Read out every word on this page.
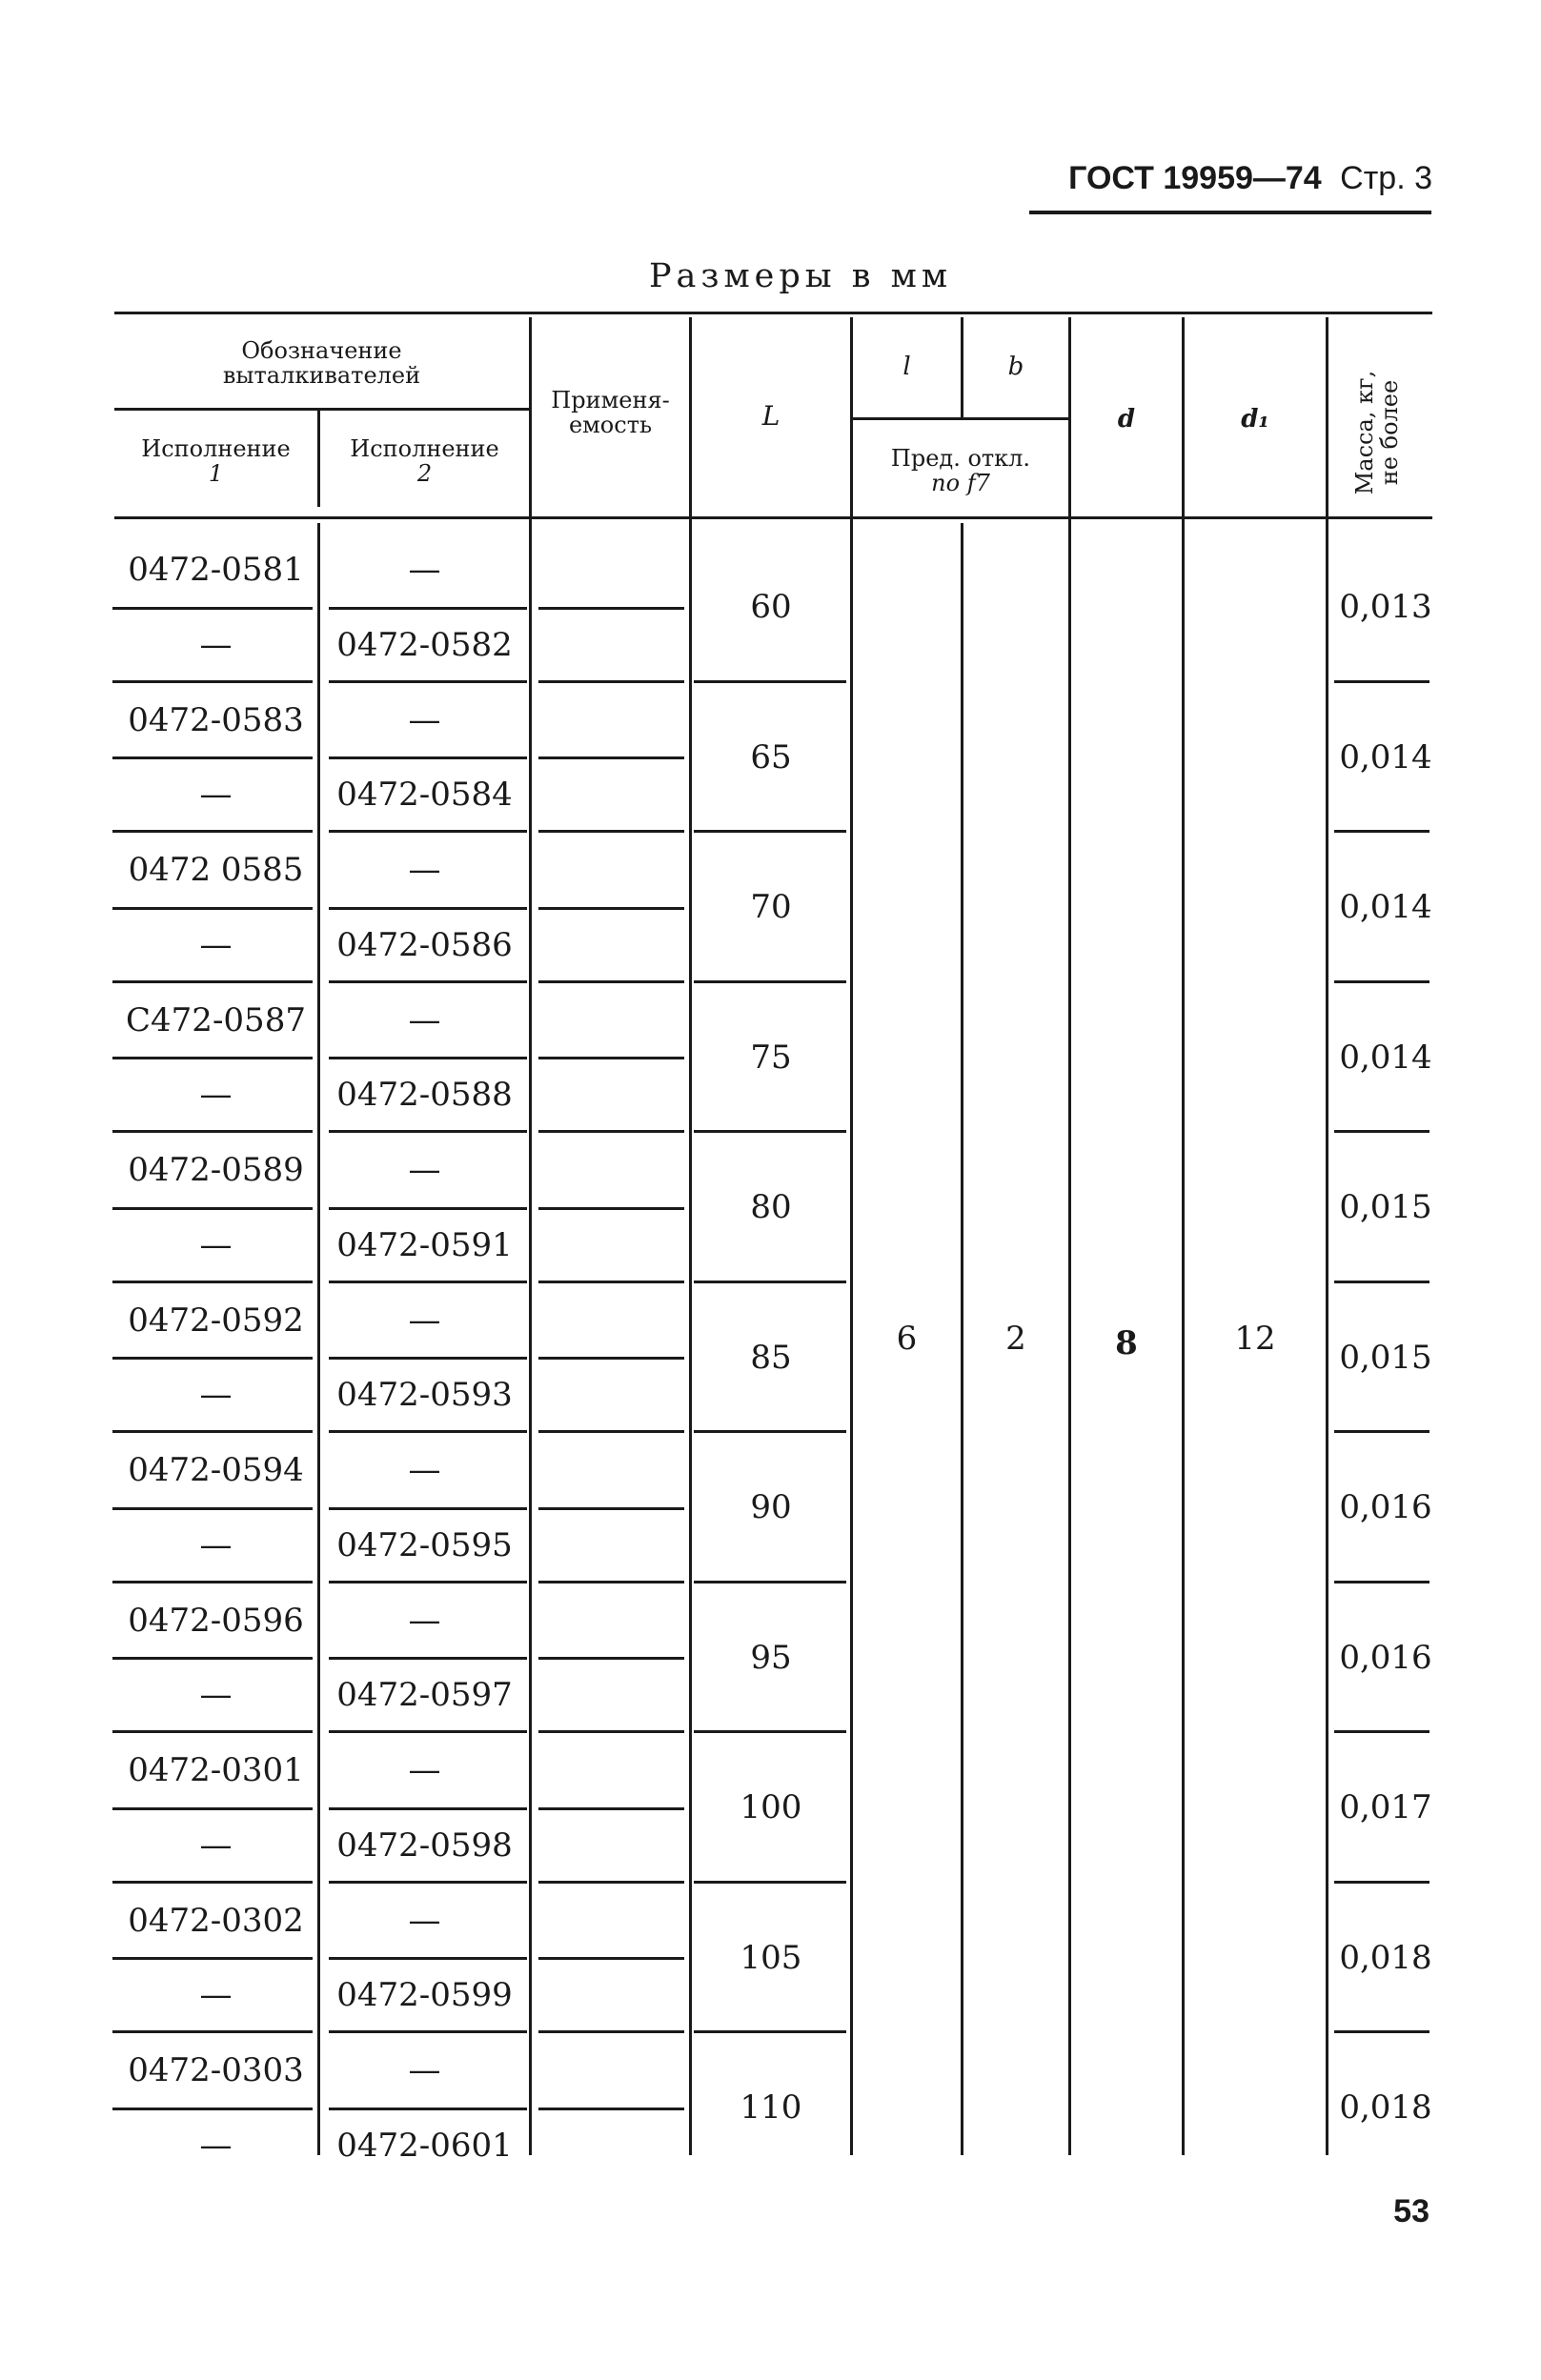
ГОСТ 19959—74 Стр. 3
Размеры в мм
Обозначение
выталкивателей
Исполнение
1
Исполнение
2
Применя-
емость	L
l	b
Пред. откл.
по f7
d	d₁	Масса, кг,
не более
0472-0581	—
—	0472-0582
60	0,013
0472-0583	—
—	0472-0584
65	0,014
0472 0585	—
—	0472-0586
70	0,014
С472-0587	—
—	0472-0588
75	0,014
0472-0589	—
—	0472-0591
80	0,015
0472-0592	—
—	0472-0593
85	0,015
0472-0594	—
—	0472-0595
90	0,016
0472-0596	—
—	0472-0597
95	0,016
0472-0301	—
—	0472-0598
100	0,017
0472-0302	—
—	0472-0599
105	0,018
0472-0303	—
—	0472-0601
110	0,018
6	2	8	12
53
